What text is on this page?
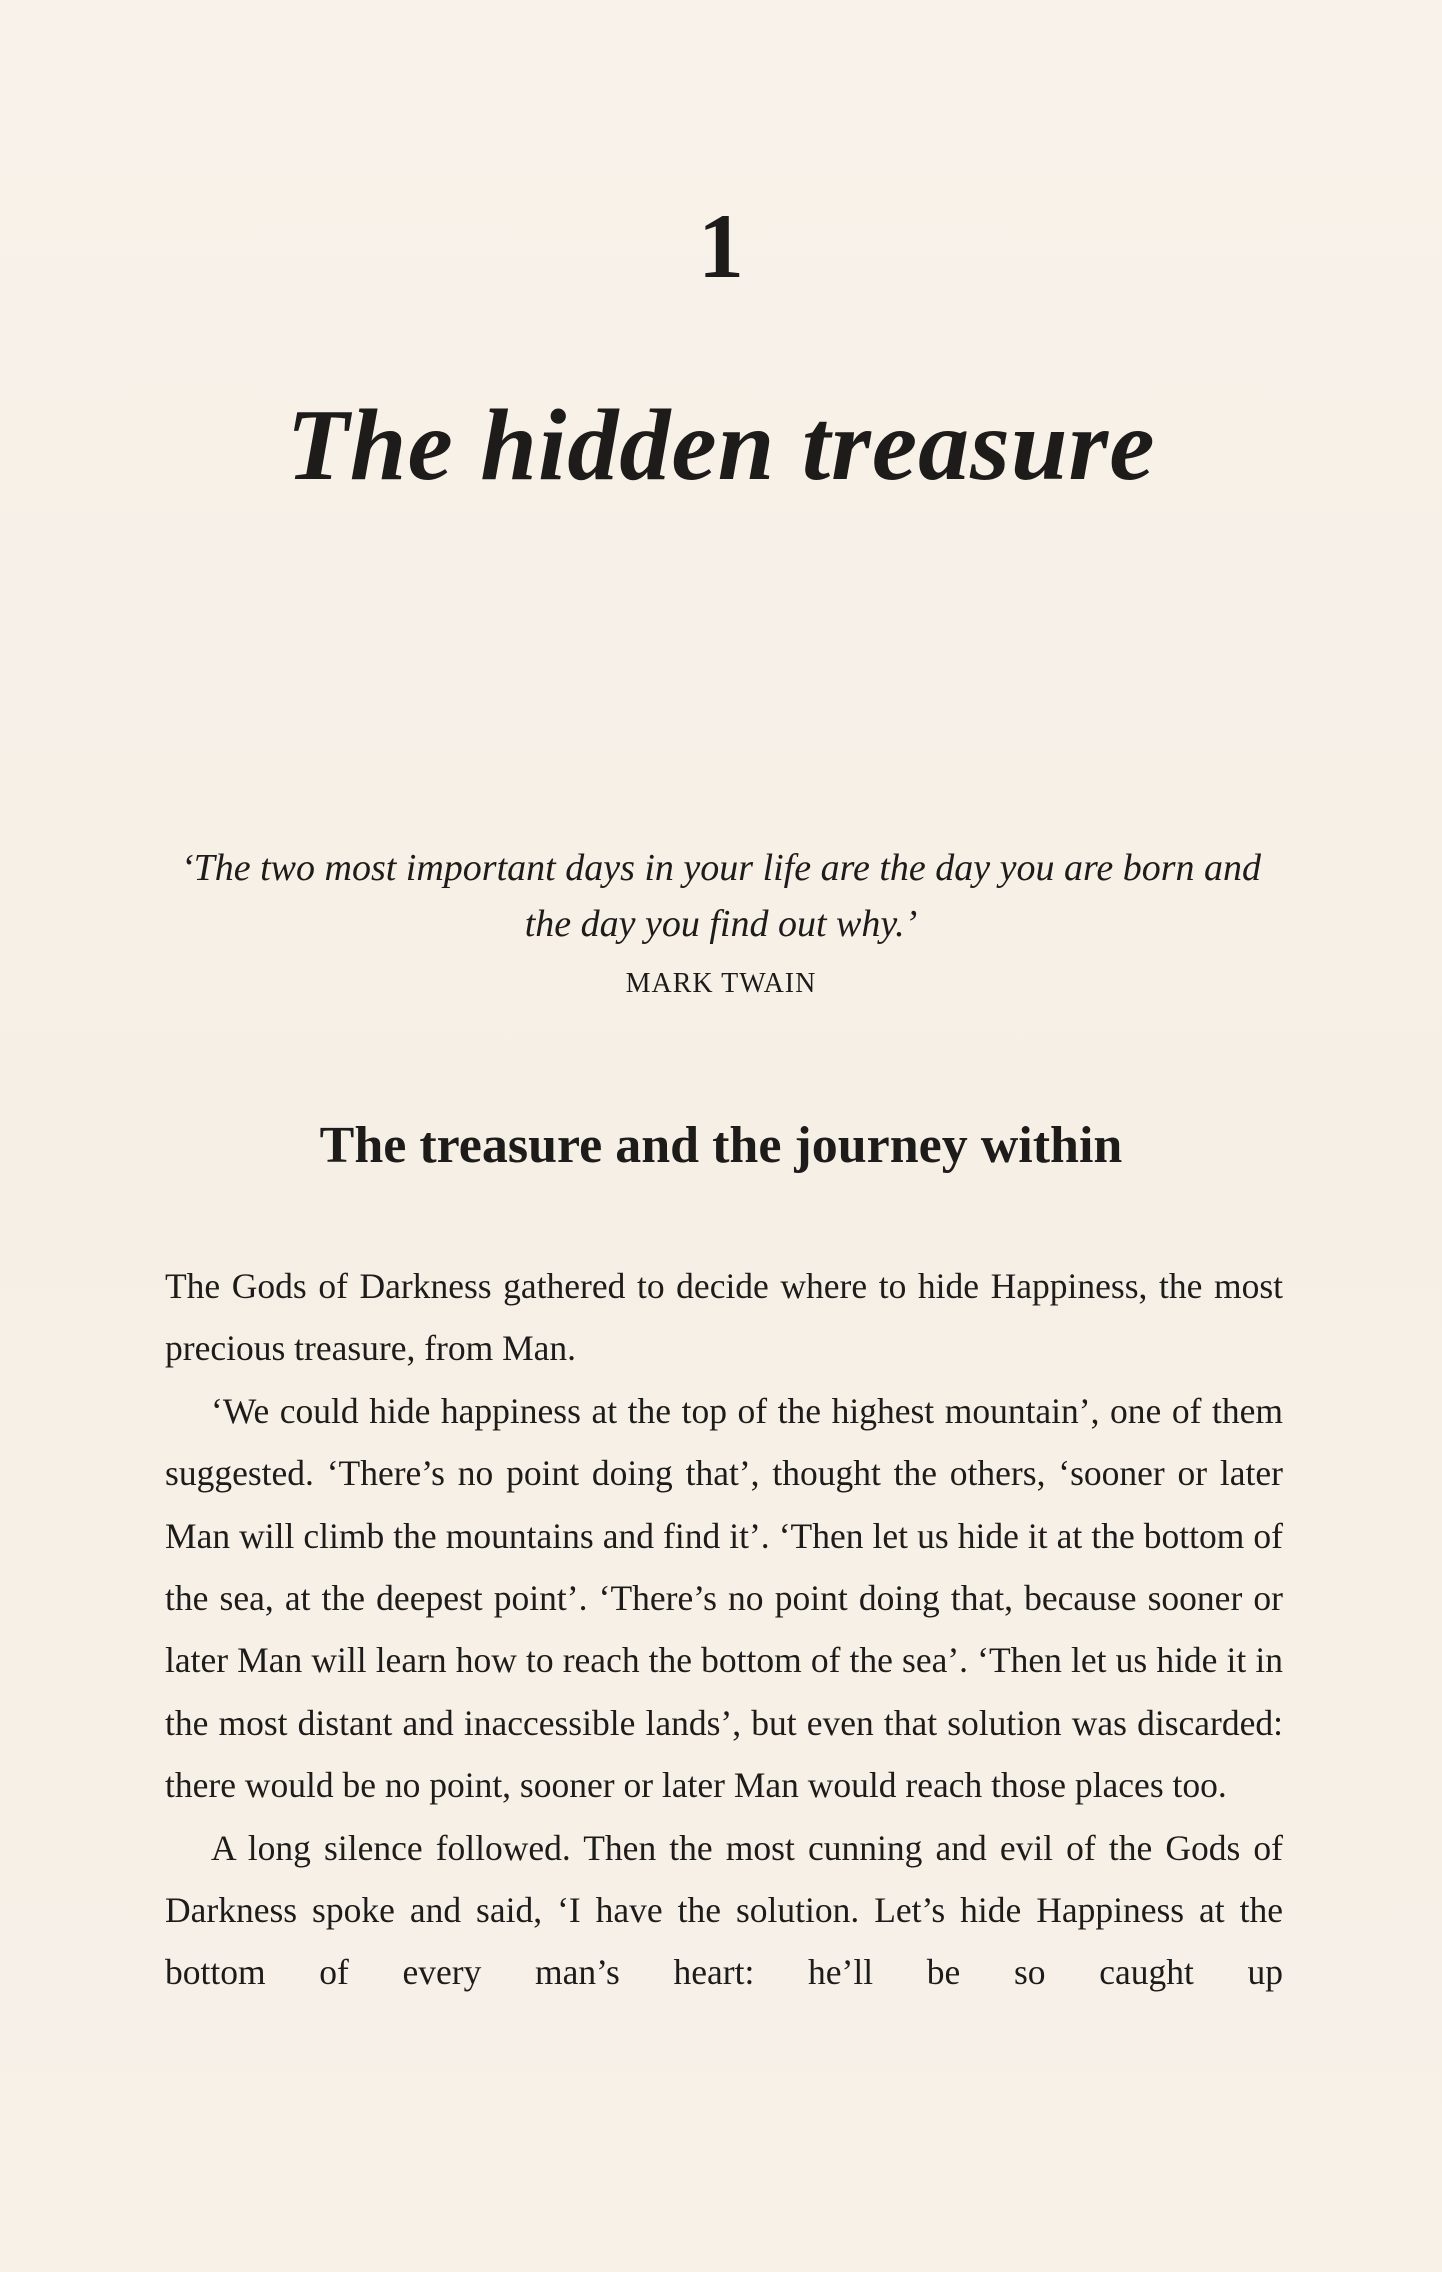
1
The hidden treasure
‘The two most important days in your life are the day you are born and the day you find out why.’
MARK TWAIN
The treasure and the journey within

The Gods of Darkness gathered to decide where to hide Happiness, the most precious treasure, from Man.

‘We could hide happiness at the top of the highest mountain’, one of them suggested. ‘There’s no point doing that’, thought the others, ‘sooner or later Man will climb the mountains and find it’. ‘Then let us hide it at the bottom of the sea, at the deepest point’. ‘There’s no point doing that, because sooner or later Man will learn how to reach the bottom of the sea’. ‘Then let us hide it in the most distant and inaccessible lands’, but even that solution was discarded: there would be no point, sooner or later Man would reach those places too.

A long silence followed. Then the most cunning and evil of the Gods of Darkness spoke and said, ‘I have the solution. Let’s hide Happiness at the bottom of every man’s heart: he’ll be so caught up
